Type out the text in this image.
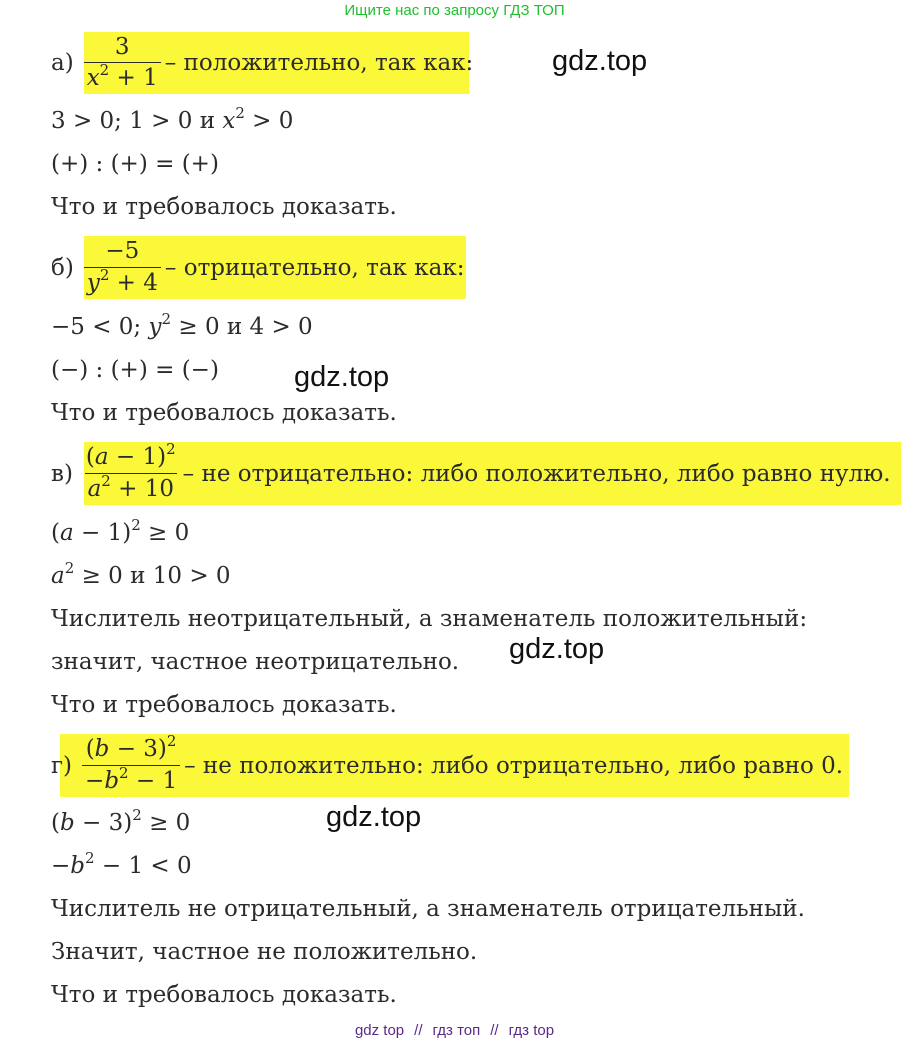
Ищите нас по запросу ГДЗ ТОП
gdz.top
gdz.top
gdz.top
gdz.top
$а) \frac{3}{x^2 + 1}$ – положительно, так как:
3 > 0; 1 > 0 и $x^2 > 0$
(+) : (+) = (+)
Что и требовалось доказать.
$б) \frac{-5}{y^2 + 4}$ – отрицательно, так как:
−5 < 0; $y^2 \ge 0$ и 4 > 0
(−) : (+) = (−)
Что и требовалось доказать.
$в) \frac{(a - 1)^2}{a^2 + 10}$ – не отрицательно: либо положительно, либо равно нулю.
$(a - 1)^2 \ge 0$
$a^2 \ge 0$ и 10 > 0
Числитель неотрицательный, а знаменатель положительный:
значит, частное неотрицательно.
Что и требовалось доказать.
$г) \frac{(b - 3)^2}{-b^2 - 1}$ – не положительно: либо отрицательно, либо равно 0.
$(b - 3)^2 \ge 0$
$-b^2 - 1 < 0$
Числитель не отрицательный, а знаменатель отрицательный.
Значит, частное не положительно.
Что и требовалось доказать.
gdz top // гдз топ // гдз top
